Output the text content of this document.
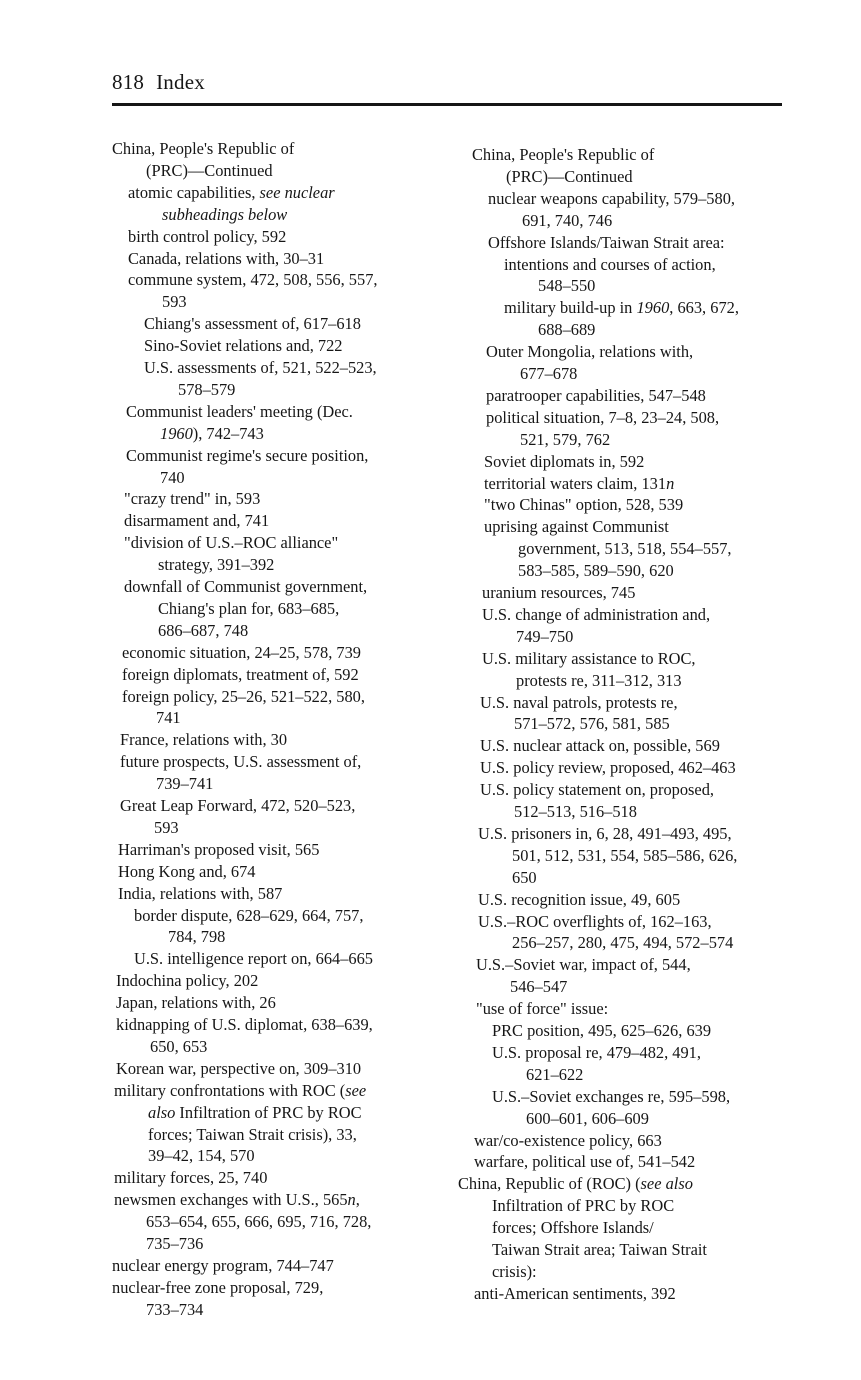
818 Index
China, People's Republic of
(PRC)—Continued
atomic capabilities, see nuclear
subheadings below
birth control policy, 592
Canada, relations with, 30–31
commune system, 472, 508, 556, 557,
593
Chiang's assessment of, 617–618
Sino-Soviet relations and, 722
U.S. assessments of, 521, 522–523,
578–579
Communist leaders' meeting (Dec.
1960), 742–743
Communist regime's secure position,
740
"crazy trend" in, 593
disarmament and, 741
"division of U.S.–ROC alliance"
strategy, 391–392
downfall of Communist government,
Chiang's plan for, 683–685,
686–687, 748
economic situation, 24–25, 578, 739
foreign diplomats, treatment of, 592
foreign policy, 25–26, 521–522, 580,
741
France, relations with, 30
future prospects, U.S. assessment of,
739–741
Great Leap Forward, 472, 520–523,
593
Harriman's proposed visit, 565
Hong Kong and, 674
India, relations with, 587
border dispute, 628–629, 664, 757,
784, 798
U.S. intelligence report on, 664–665
Indochina policy, 202
Japan, relations with, 26
kidnapping of U.S. diplomat, 638–639,
650, 653
Korean war, perspective on, 309–310
military confrontations with ROC (see
also Infiltration of PRC by ROC
forces; Taiwan Strait crisis), 33,
39–42, 154, 570
military forces, 25, 740
newsmen exchanges with U.S., 565n,
653–654, 655, 666, 695, 716, 728,
735–736
nuclear energy program, 744–747
nuclear-free zone proposal, 729,
733–734
China, People's Republic of
(PRC)—Continued
nuclear weapons capability, 579–580,
691, 740, 746
Offshore Islands/Taiwan Strait area:
intentions and courses of action,
548–550
military build-up in 1960, 663, 672,
688–689
Outer Mongolia, relations with,
677–678
paratrooper capabilities, 547–548
political situation, 7–8, 23–24, 508,
521, 579, 762
Soviet diplomats in, 592
territorial waters claim, 131n
"two Chinas" option, 528, 539
uprising against Communist
government, 513, 518, 554–557,
583–585, 589–590, 620
uranium resources, 745
U.S. change of administration and,
749–750
U.S. military assistance to ROC,
protests re, 311–312, 313
U.S. naval patrols, protests re,
571–572, 576, 581, 585
U.S. nuclear attack on, possible, 569
U.S. policy review, proposed, 462–463
U.S. policy statement on, proposed,
512–513, 516–518
U.S. prisoners in, 6, 28, 491–493, 495,
501, 512, 531, 554, 585–586, 626,
650
U.S. recognition issue, 49, 605
U.S.–ROC overflights of, 162–163,
256–257, 280, 475, 494, 572–574
U.S.–Soviet war, impact of, 544,
546–547
"use of force" issue:
PRC position, 495, 625–626, 639
U.S. proposal re, 479–482, 491,
621–622
U.S.–Soviet exchanges re, 595–598,
600–601, 606–609
war/co-existence policy, 663
warfare, political use of, 541–542
China, Republic of (ROC) (see also
Infiltration of PRC by ROC
forces; Offshore Islands/
Taiwan Strait area; Taiwan Strait
crisis):
anti-American sentiments, 392
